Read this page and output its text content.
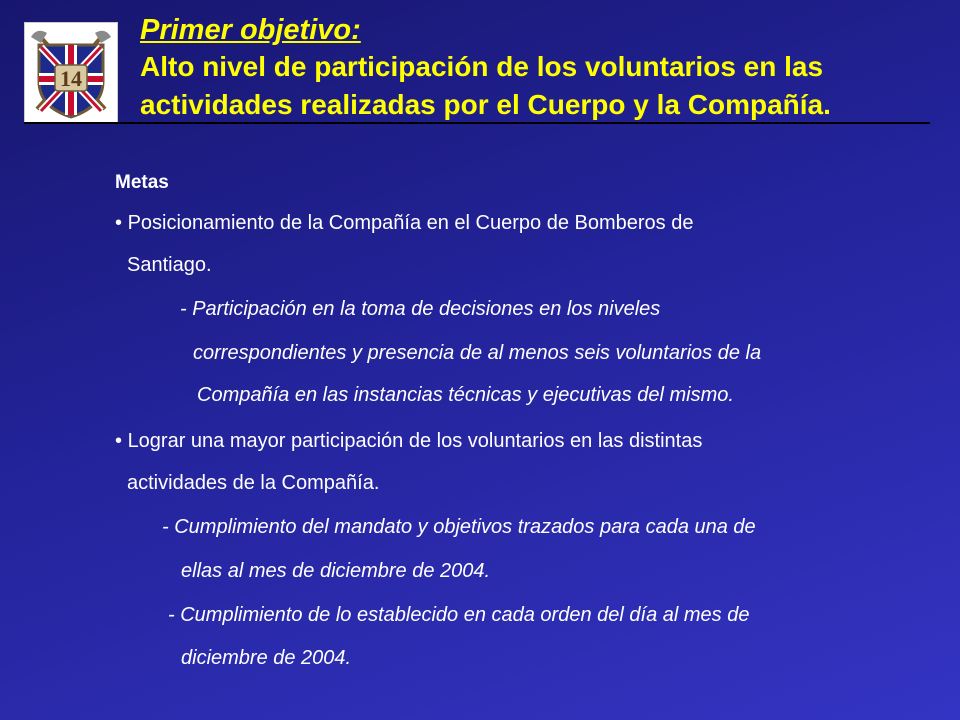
14
Primer objetivo:
Alto nivel de participación de los voluntarios en las
actividades realizadas por el Cuerpo y la Compañía.
Metas
• Posicionamiento de la Compañía en el Cuerpo de Bomberos de
Santiago.
- Participación en la toma de decisiones en los niveles
correspondientes y presencia de al menos seis voluntarios de la
Compañía en las instancias técnicas y ejecutivas del mismo.
• Lograr una mayor participación de los voluntarios en las distintas
actividades de la Compañía.
- Cumplimiento del mandato y objetivos trazados para cada una de
ellas al mes de diciembre de 2004.
- Cumplimiento de lo establecido en cada orden del día al mes de
diciembre de 2004.
